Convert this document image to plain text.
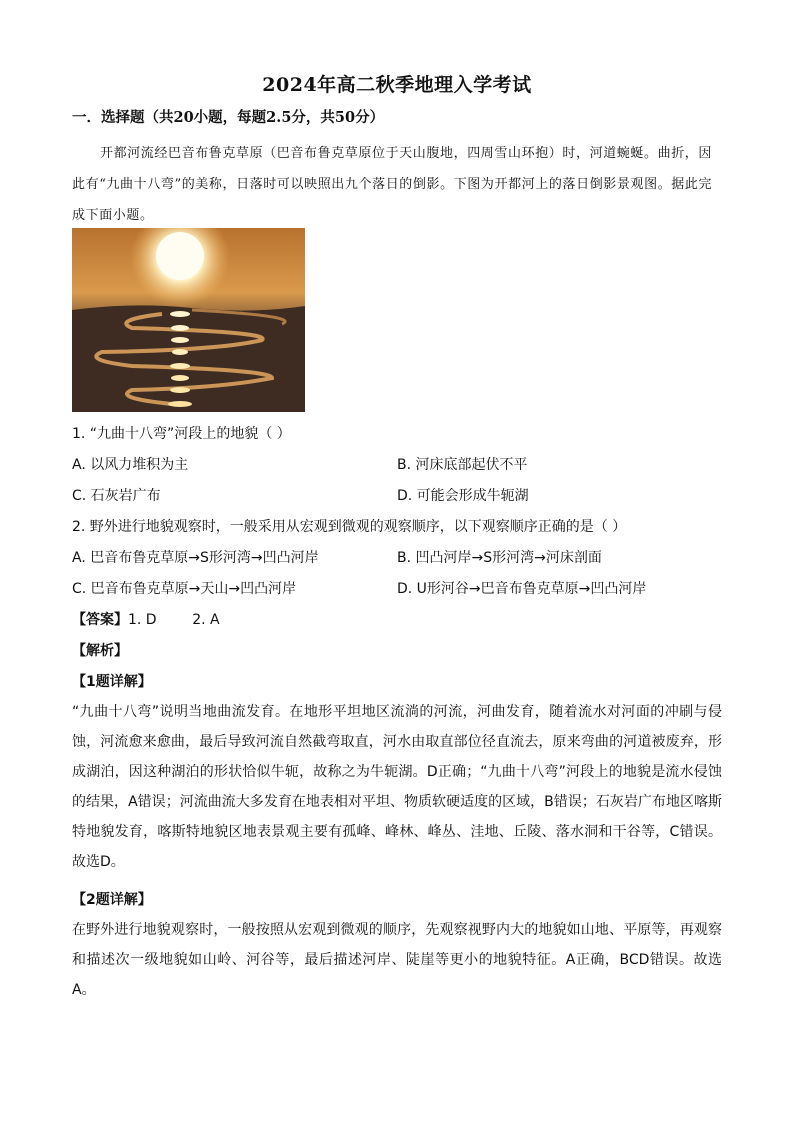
2024年高二秋季地理入学考试
一．选择题（共20小题，每题2.5分，共50分）
开都河流经巴音布鲁克草原（巴音布鲁克草原位于天山腹地，四周雪山环抱）时，河道蜿蜒。曲折，因此有“九曲十八弯”的美称，日落时可以映照出九个落日的倒影。下图为开都河上的落日倒影景观图。据此完成下面小题。
1. “九曲十八弯”河段上的地貌（ ）
A. 以风力堆积为主	B. 河床底部起伏不平
C. 石灰岩广布	D. 可能会形成牛轭湖
2. 野外进行地貌观察时，一般采用从宏观到微观的观察顺序，以下观察顺序正确的是（ ）
A. 巴音布鲁克草原→S形河湾→凹凸河岸	B. 凹凸河岸→S形河湾→河床剖面
C. 巴音布鲁克草原→天山→凹凸河岸	D. U形河谷→巴音布鲁克草原→凹凸河岸
【答案】1. D        2. A
【解析】
【1题详解】
“九曲十八弯”说明当地曲流发育。在地形平坦地区流淌的河流，河曲发育，随着流水对河面的冲刷与侵蚀，河流愈来愈曲，最后导致河流自然截弯取直，河水由取直部位径直流去，原来弯曲的河道被废弃，形成湖泊，因这种湖泊的形状恰似牛轭，故称之为牛轭湖。D正确；“九曲十八弯”河段上的地貌是流水侵蚀的结果，A错误；河流曲流大多发育在地表相对平坦、物质软硬适度的区域，B错误；石灰岩广布地区喀斯特地貌发育，喀斯特地貌区地表景观主要有孤峰、峰林、峰丛、洼地、丘陵、落水洞和干谷等，C错误。故选D。
【2题详解】
在野外进行地貌观察时，一般按照从宏观到微观的顺序，先观察视野内大的地貌如山地、平原等，再观察和描述次一级地貌如山岭、河谷等，最后描述河岸、陡崖等更小的地貌特征。A正确，BCD错误。故选A。
